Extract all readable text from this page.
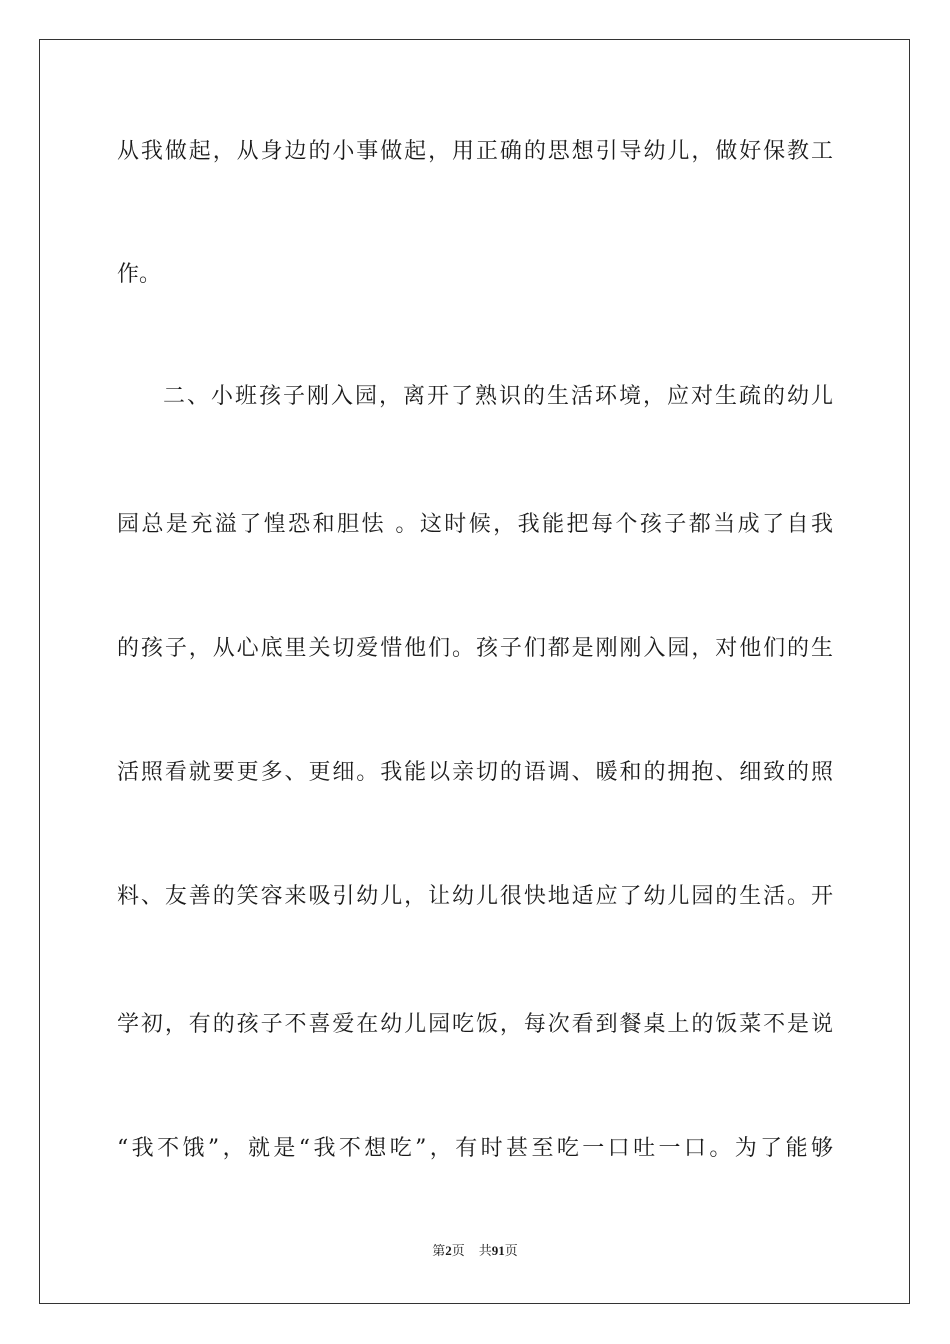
从我做起，从身边的小事做起，用正确的思想引导幼儿，做好保教工
作。
二、小班孩子刚入园，离开了熟识的生活环境，应对生疏的幼儿
园总是充溢了惶恐和胆怯 。这时候，我能把每个孩子都当成了自我
的孩子，从心底里关切爱惜他们。孩子们都是刚刚入园，对他们的生
活照看就要更多、更细。我能以亲切的语调、暖和的拥抱、细致的照
料、友善的笑容来吸引幼儿，让幼儿很快地适应了幼儿园的生活。开
学初，有的孩子不喜爱在幼儿园吃饭，每次看到餐桌上的饭菜不是说
“我不饿”，就是“我不想吃”，有时甚至吃一口吐一口。为了能够
第2页 共91页
